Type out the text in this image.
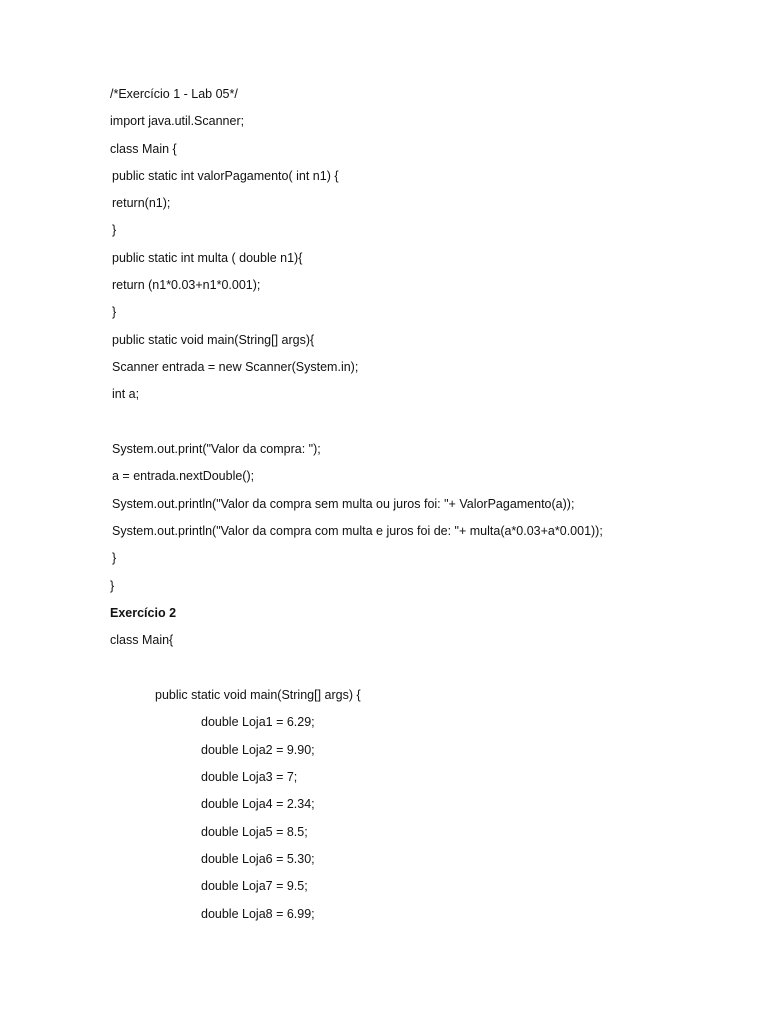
/*Exercício 1 - Lab 05*/
import java.util.Scanner;
class Main {
public static int valorPagamento( int n1) {
return(n1);
}
public static int multa ( double n1){
return (n1*0.03+n1*0.001);
}
public static void main(String[] args){
Scanner entrada = new Scanner(System.in);
int a;
System.out.print("Valor da compra: ");
a = entrada.nextDouble();
System.out.println("Valor da compra sem multa ou juros foi: "+ ValorPagamento(a));
System.out.println("Valor da compra com multa e juros foi de: "+ multa(a*0.03+a*0.001));
}
}
Exercício 2
class Main{
public static void main(String[] args) {
double Loja1 = 6.29;
double Loja2 = 9.90;
double Loja3 = 7;
double Loja4 = 2.34;
double Loja5 = 8.5;
double Loja6 = 5.30;
double Loja7 = 9.5;
double Loja8 = 6.99;
